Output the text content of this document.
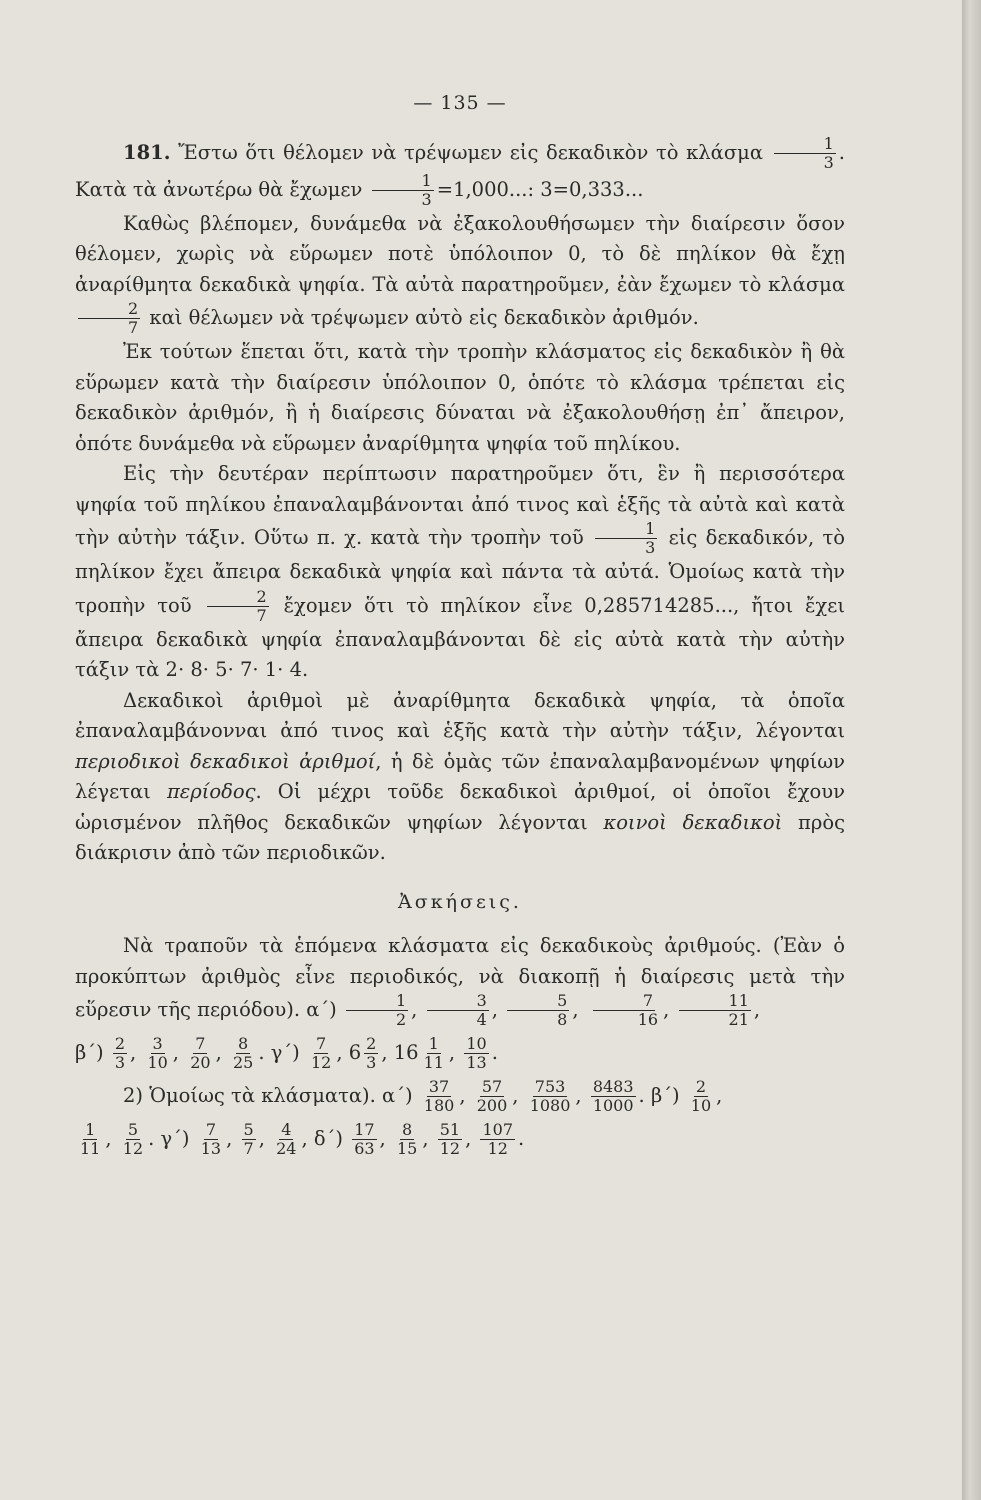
— 135 —

181. Ἔστω ὅτι θέλομεν νὰ τρέψωμεν εἰς δεκαδικὸν τὸ κλάσμα $\frac{1}{3}$ . Κατὰ τὰ ἀνωτέρω θὰ ἔχωμεν $\frac{1}{3} =1,000$...: 3=0,333...

Καθὼς βλέπομεν, δυνάμεθα νὰ ἐξακολουθήσωμεν τὴν διαίρεσιν ὅσον θέλομεν, χωρὶς νὰ εὕρωμεν ποτὲ ὑπόλοιπον 0, τὸ δὲ πηλίκον θὰ ἔχῃ ἀναρίθμητα δεκαδικὰ ψηφία. Τὰ αὐτὰ παρατηροῦμεν, ἐὰν ἔχωμεν τὸ κλάσμα
$\frac{2}{7}$ καὶ θέλωμεν νὰ τρέψωμεν αὐτὸ εἰς δεκαδικὸν ἀριθμόν.

Ἐκ τούτων ἕπεται ὅτι, κατὰ τὴν τροπὴν κλάσματος εἰς δεκαδικὸν ἢ θὰ εὕρωμεν κατὰ τὴν διαίρεσιν ὑπόλοιπον 0, ὁπότε τὸ κλάσμα τρέπεται εἰς δεκαδικὸν ἀριθμόν, ἢ ἡ διαίρεσις δύναται νὰ ἐξακολουθήσῃ ἐπ᾽ ἄπειρον, ὁπότε δυνάμεθα νὰ εὕρωμεν ἀναρίθμητα ψηφία τοῦ πηλίκου.

Εἰς τὴν δευτέραν περίπτωσιν παρατηροῦμεν ὅτι, ἓν ἢ περισσότερα ψηφία τοῦ πηλίκου ἐπαναλαμβάνονται ἀπό τινος καὶ ἑξῆς τὰ αὐτὰ καὶ κατὰ τὴν αὐτὴν τάξιν. Οὕτω π. χ. κατὰ τὴν τροπὴν τοῦ $\frac{1}{3}$ εἰς δεκαδικόν, τὸ πηλίκον ἔχει ἄπειρα δεκαδικὰ ψηφία καὶ πάντα τὰ αὐτά. Ὁμοίως κατὰ τὴν τροπὴν τοῦ $\frac{2}{7}$ ἔχομεν ὅτι τὸ πηλίκον εἶνε 0,285714285..., ἤτοι ἔχει ἄπειρα δεκαδικὰ ψηφία ἐπαναλαμβάνονται δὲ εἰς αὐτὰ κατὰ τὴν αὐτὴν τάξιν τὰ 2· 8· 5· 7· 1· 4.

Δεκαδικοὶ ἀριθμοὶ μὲ ἀναρίθμητα δεκαδικὰ ψηφία, τὰ ὁποῖα ἐπαναλαμβάνονναι ἀπό τινος καὶ ἑξῆς κατὰ τὴν αὐτὴν τάξιν, λέγονται περιοδικοὶ δεκαδικοὶ ἀριθμοί, ἡ δὲ ὁμὰς τῶν ἐπαναλαμβανομένων ψηφίων λέγεται περίοδος. Οἱ μέχρι τοῦδε δεκαδικοὶ ἀριθμοί, οἱ ὁποῖοι ἔχουν ὡρισμένον πλῆθος δεκαδικῶν ψηφίων λέγονται κοινοὶ δεκαδικοὶ πρὸς διάκρισιν ἀπὸ τῶν περιοδικῶν.

Ἀσκήσεις.

Νὰ τραποῦν τὰ ἑπόμενα κλάσματα εἰς δεκαδικοὺς ἀριθμούς. (Ἐὰν ὁ προκύπτων ἀριθμὸς εἶνε περιοδικός, νὰ διακοπῇ ἡ διαίρεσις μετὰ τὴν εὕρεσιν τῆς περιόδου). $\alpha΄) \frac{1}{2}$ , $\frac{3}{4}$ , $\frac{5}{8}$ , $\frac{7}{16}$ , $\frac{11}{21}$ ,

$\beta΄) \frac{2}{3}$ , $\frac{3}{10}$ , $\frac{7}{20}$ , $\frac{8}{25}$ . $\gamma΄) \frac{7}{12}$ , $6 \frac{2}{3}$ , $16 \frac{1}{11}$ , $\frac{10}{13}$ .
2) Ὁμοίως τὰ κλάσματα). $\alpha΄) \frac{37}{180}$ , $\frac{57}{200}$ , $\frac{753}{1080}$ , $\frac{8483}{1000}$ . $\beta΄) \frac{2}{10}$ ,
$\frac{1}{11}$ , $\frac{5}{12}$ . $\gamma΄) \frac{7}{13}$ , $\frac{5}{7}$ , $\frac{4}{24}$ , $\delta΄) \frac{17}{63}$ , $\frac{8}{15}$ , $\frac{51}{12}$ , $\frac{107}{12}$ .
